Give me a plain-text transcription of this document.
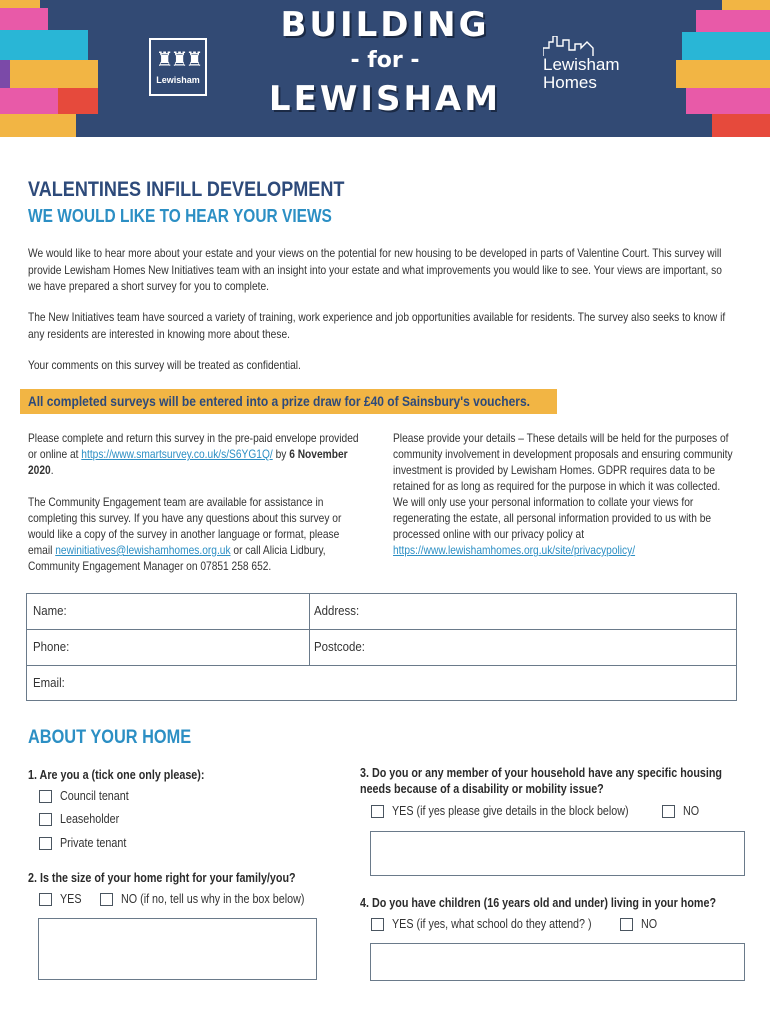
♜♜♜
Lewisham
BUILDING
- for -
LEWISHAM
Lewisham Homes
VALENTINES INFILL DEVELOPMENT
WE WOULD LIKE TO HEAR YOUR VIEWS

We would like to hear more about your estate and your views on the potential for new housing to be developed in parts of Valentine Court. This survey will provide Lewisham Homes New Initiatives team with an insight into your estate and what improvements you would like to see. Your views are important, so we have prepared a short survey for you to complete.

The New Initiatives team have sourced a variety of training, work experience and job opportunities available for residents. The survey also seeks to know if any residents are interested in knowing more about these.

Your comments on this survey will be treated as confidential.

All completed surveys will be entered into a prize draw for £40 of Sainsbury's vouchers.
Please complete and return this survey in the pre-paid envelope provided or online at https://www.smartsurvey.co.uk/s/S6YG1Q/ by 6 November 2020.

The Community Engagement team are available for assistance in completing this survey. If you have any questions about this survey or would like a copy of the survey in another language or format, please email newinitiatives@lewishamhomes.org.uk or call Alicia Lidbury, Community Engagement Manager on 07851 258 652.
Please provide your details – These details will be held for the purposes of community involvement in development proposals and ensuring community investment is provided by Lewisham Homes. GDPR requires data to be retained for as long as required for the purpose in which it was collected. We will only use your personal information to collate your views for regenerating the estate, all personal information provided to us with be processed online with our privacy policy at https://www.lewishamhomes.org.uk/site/privacypolicy/
Name:	Address:
Phone:	Postcode:
Email:
ABOUT YOUR HOME
1. Are you a (tick one only please):
Council tenant
Leaseholder
Private tenant
2. Is the size of your home right for your family/you?
YES	NO (if no, tell us why in the box below)
3. Do you or any member of your household have any specific housing needs because of a disability or mobility issue?
YES (if yes please give details in the block below)	NO
4. Do you have children (16 years old and under) living in your home?
YES (if yes, what school do they attend? )	NO
